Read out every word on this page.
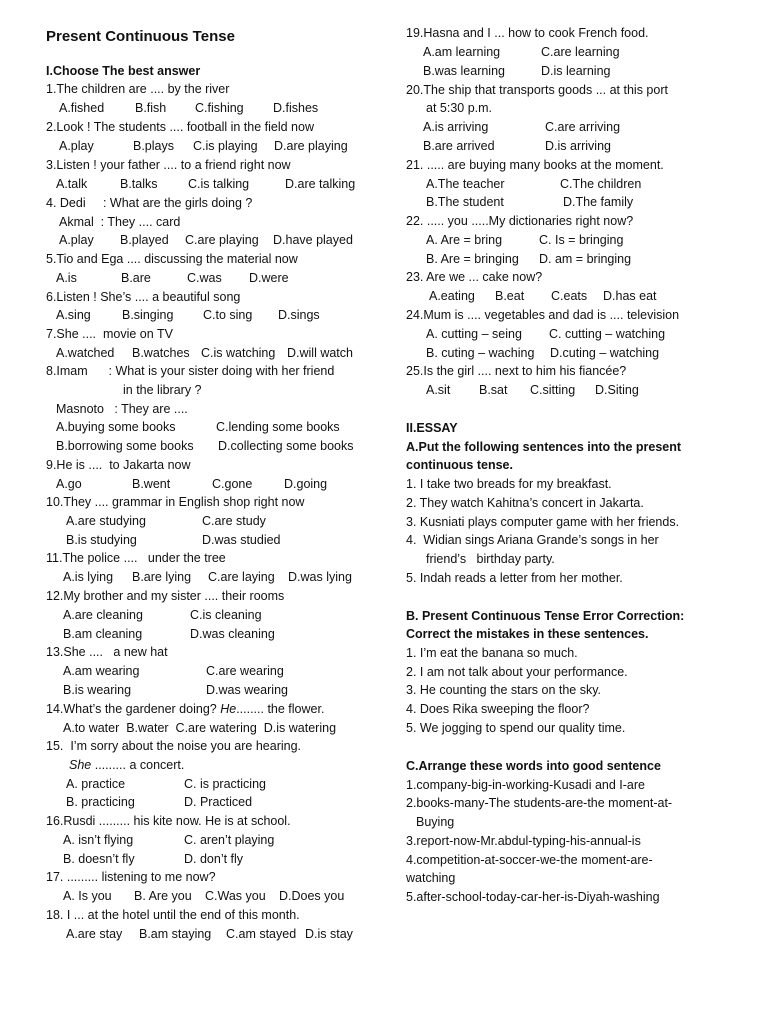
Present Continuous Tense
I.Choose The best answer
1.The children are .... by the river
A.fished B.fish C.fishing D.fishes
2.Look ! The students .... football in the field now
A.play	B.plays C.is playing D.are playing
3.Listen ! your father .... to a friend right now
A.talk	B.talks C.is talking	D.are talking
4. Dedi     : What are the girls doing ?
Akmal  : They .... card
A.play B.played C.are playing D.have played
5.Tio and Ega .... discussing the material now
A.is	B.are	C.was D.were
6.Listen ! She’s .... a beautiful song
A.sing	B.singing C.to sing D.sings
7.She ....  movie on TV
A.watched B.watches C.is watching D.will watch
8.Imam      : What is your sister doing with her friend
in the library ?
Masnoto   : They are ....
A.buying some books	C.lending some books
B.borrowing some books D.collecting some books
9.He is ....  to Jakarta now
A.go	B.went	C.gone	D.going
10.They .... grammar in English shop right now
A.are studying	C.are study
B.is studying	D.was studied
11.The police ....   under the tree
A.is lying B.are lying C.are laying D.was lying
12.My brother and my sister .... their rooms
A.are cleaning	C.is cleaning
B.am cleaning	D.was cleaning
13.She ....   a new hat
A.am wearing	C.are wearing
B.is wearing	D.was wearing
14.What’s the gardener doing? He........ the flower.
A.to water  B.water  C.are watering  D.is watering
15.  I’m sorry about the noise you are hearing.
She ......... a concert.
A. practice	C. is practicing
B. practicing	D. Practiced
16.Rusdi ......... his kite now. He is at school.
A. isn’t flying	C. aren’t playing
B. doesn’t fly	D. don’t fly
17. ......... listening to me now?
A. Is you B. Are you C.Was you D.Does you
18. I ... at the hotel until the end of this month.
A.are stay B.am staying C.am stayed D.is stay
19.Hasna and I ... how to cook French food.
A.am learning	C.are learning
B.was learning	D.is learning
20.The ship that transports goods ... at this port
at 5:30 p.m.
A.is arriving	C.are arriving
B.are arrived	D.is arriving
21. ..... are buying many books at the moment.
A.The teacher	C.The children
B.The student	D.The family
22. ..... you .....My dictionaries right now?
A. Are = bring	C. Is = bringing
B. Are = bringing D. am = bringing
23. Are we ... cake now?
A.eating B.eat C.eats D.has eat
24.Mum is .... vegetables and dad is .... television
A. cutting – seing C. cutting – watching
B. cuting – waching D.cuting – watching
25.Is the girl .... next to him his fiancée?
A.sit B.sat C.sitting D.Siting
II.ESSAY
A.Put the following sentences into the present
continuous tense.
1. I take two breads for my breakfast.
2. They watch Kahitna’s concert in Jakarta.
3. Kusniati plays computer game with her friends.
4.  Widian sings Ariana Grande’s songs in her
friend’s   birthday party.
5. Indah reads a letter from her mother.
B. Present Continuous Tense Error Correction:
Correct the mistakes in these sentences.
1. I’m eat the banana so much.
2. I am not talk about your performance.
3. He counting the stars on the sky.
4. Does Rika sweeping the floor?
5. We jogging to spend our quality time.
C.Arrange these words into good sentence
1.company-big-in-working-Kusadi and I-are
2.books-many-The students-are-the moment-at-
Buying
3.report-now-Mr.abdul-typing-his-annual-is
4.competition-at-soccer-we-the moment-are-
watching
5.after-school-today-car-her-is-Diyah-washing
